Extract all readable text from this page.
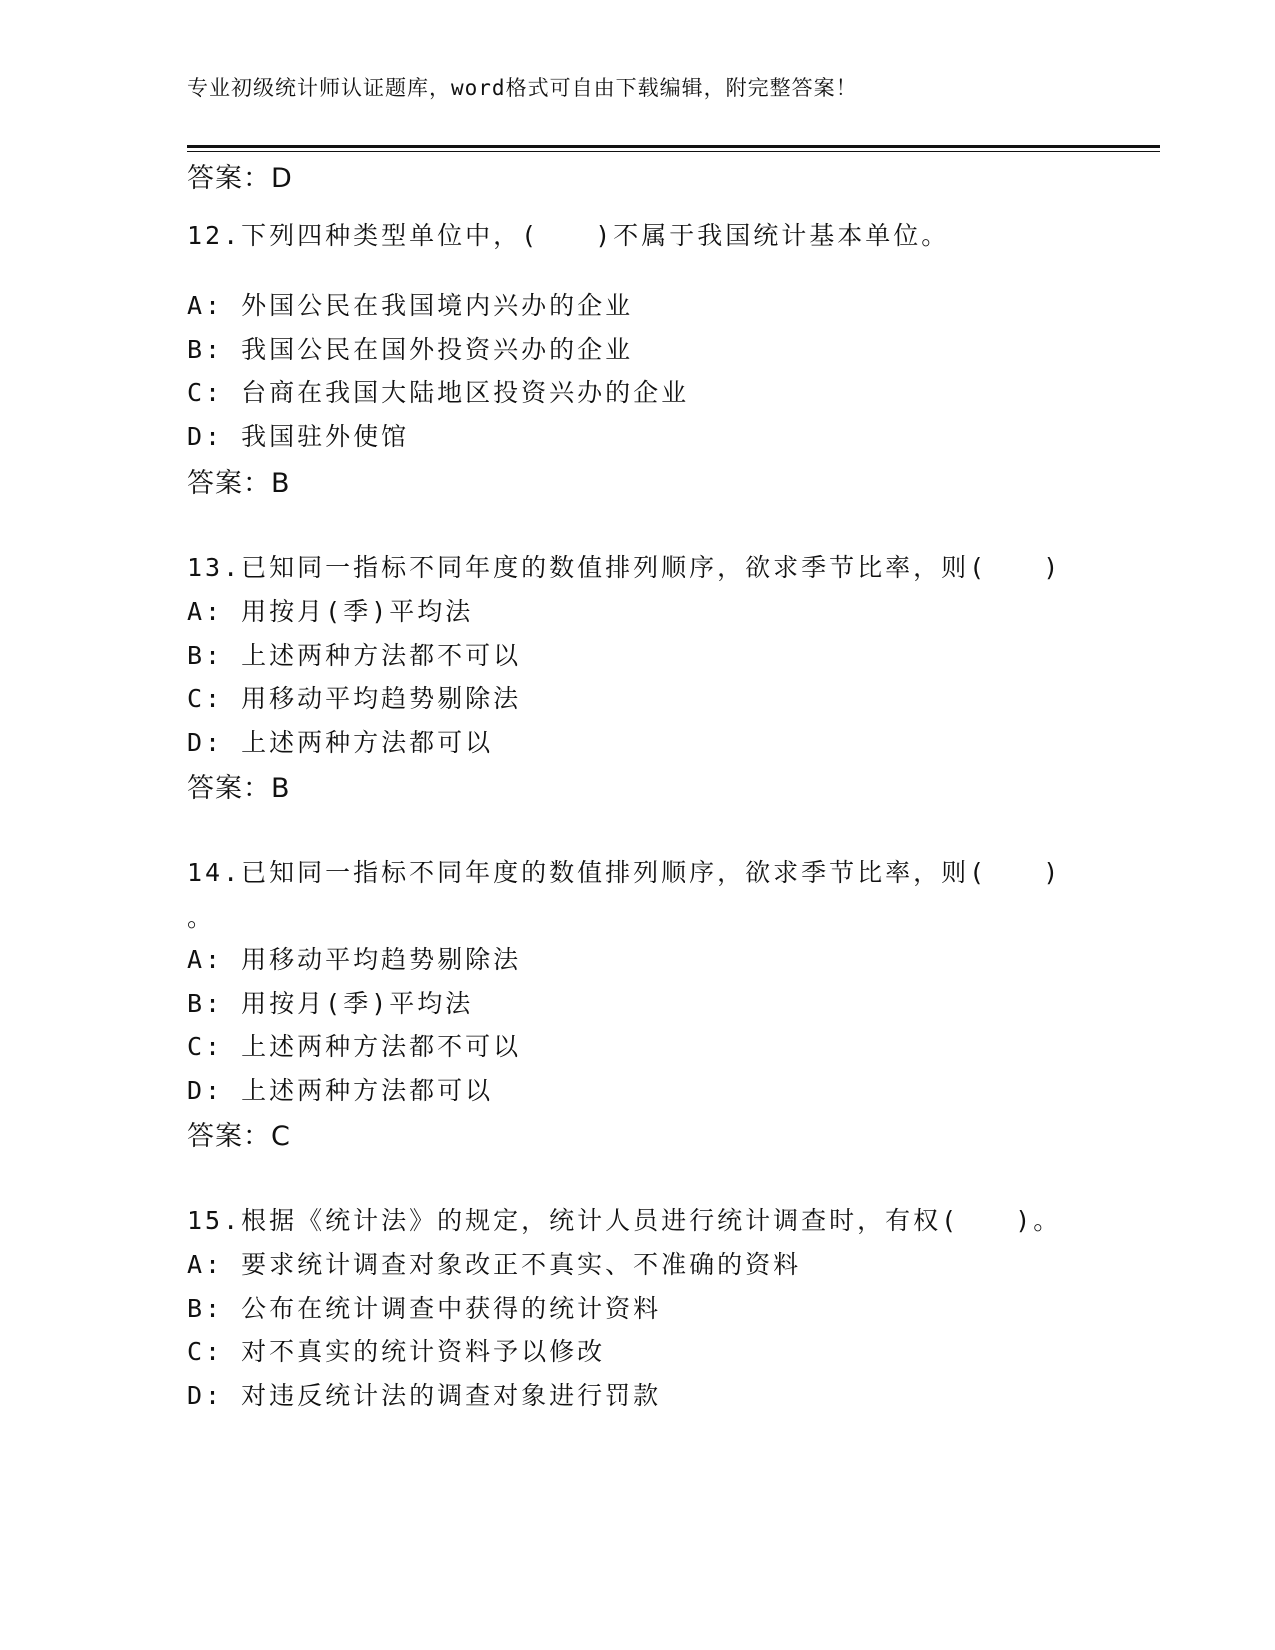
专业初级统计师认证题库，word格式可自由下载编辑，附完整答案！
答案：D
12.下列四种类型单位中，(　　)不属于我国统计基本单位。
A: 外国公民在我国境内兴办的企业
B: 我国公民在国外投资兴办的企业
C: 台商在我国大陆地区投资兴办的企业
D: 我国驻外使馆
答案：B
13.已知同一指标不同年度的数值排列顺序，欲求季节比率，则(　　)
A: 用按月(季)平均法
B: 上述两种方法都不可以
C: 用移动平均趋势剔除法
D: 上述两种方法都可以
答案：B
14.已知同一指标不同年度的数值排列顺序，欲求季节比率，则(　　)
。
A: 用移动平均趋势剔除法
B: 用按月(季)平均法
C: 上述两种方法都不可以
D: 上述两种方法都可以
答案：C
15.根据《统计法》的规定，统计人员进行统计调查时，有权(　　)。
A: 要求统计调查对象改正不真实、不准确的资料
B: 公布在统计调查中获得的统计资料
C: 对不真实的统计资料予以修改
D: 对违反统计法的调查对象进行罚款
